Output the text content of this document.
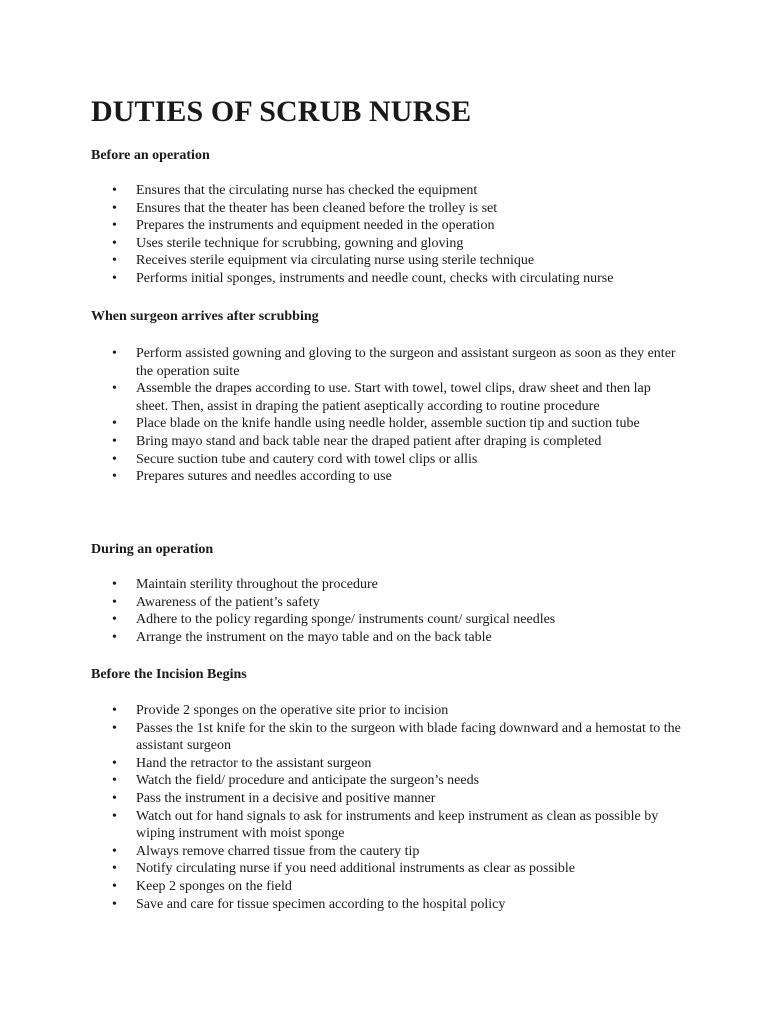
DUTIES OF SCRUB NURSE

Before an operation

• Ensures that the circulating nurse has checked the equipment
• Ensures that the theater has been cleaned before the trolley is set
• Prepares the instruments and equipment needed in the operation
• Uses sterile technique for scrubbing, gowning and gloving
• Receives sterile equipment via circulating nurse using sterile technique
• Performs initial sponges, instruments and needle count, checks with circulating nurse

When surgeon arrives after scrubbing

• Perform assisted gowning and gloving to the surgeon and assistant surgeon as soon as they enter the operation suite
• Assemble the drapes according to use. Start with towel, towel clips, draw sheet and then lap sheet. Then, assist in draping the patient aseptically according to routine procedure
• Place blade on the knife handle using needle holder, assemble suction tip and suction tube
• Bring mayo stand and back table near the draped patient after draping is completed
• Secure suction tube and cautery cord with towel clips or allis
• Prepares sutures and needles according to use

During an operation

• Maintain sterility throughout the procedure
• Awareness of the patient’s safety
• Adhere to the policy regarding sponge/ instruments count/ surgical needles
• Arrange the instrument on the mayo table and on the back table

Before the Incision Begins

• Provide 2 sponges on the operative site prior to incision
• Passes the 1st knife for the skin to the surgeon with blade facing downward and a hemostat to the assistant surgeon
• Hand the retractor to the assistant surgeon
• Watch the field/ procedure and anticipate the surgeon’s needs
• Pass the instrument in a decisive and positive manner
• Watch out for hand signals to ask for instruments and keep instrument as clean as possible by wiping instrument with moist sponge
• Always remove charred tissue from the cautery tip
• Notify circulating nurse if you need additional instruments as clear as possible
• Keep 2 sponges on the field
• Save and care for tissue specimen according to the hospital policy
